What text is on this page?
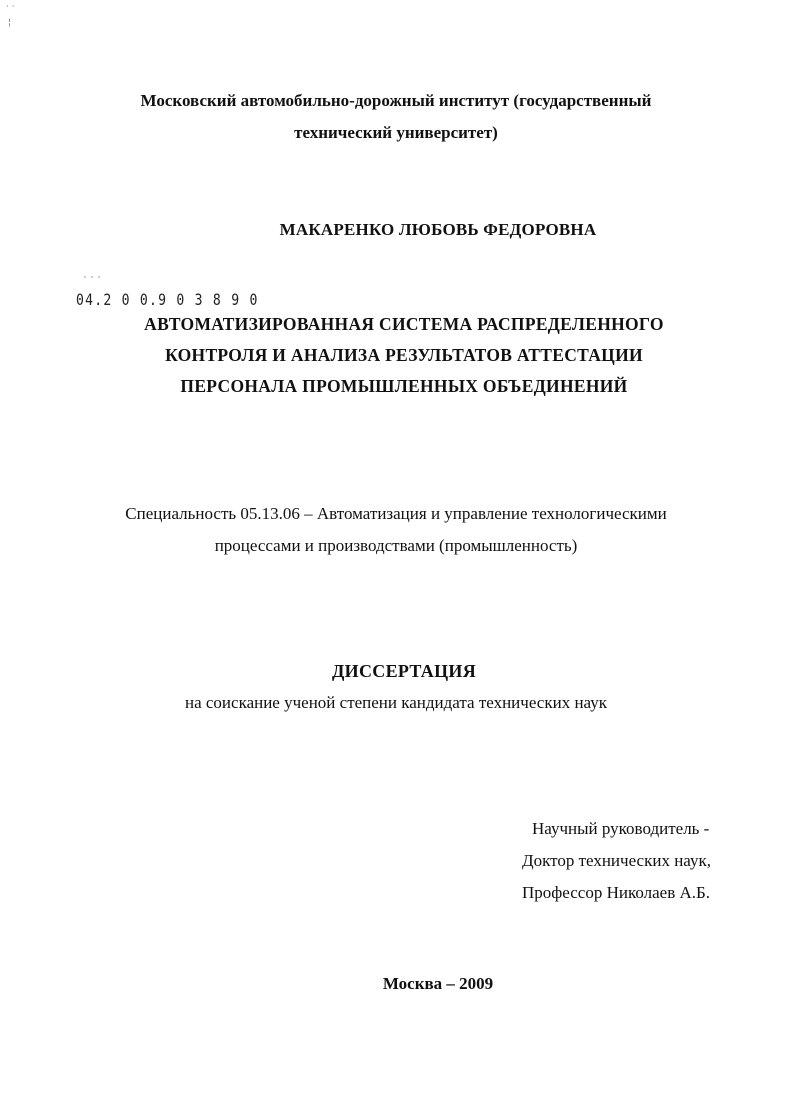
· ·
¦
Московский автомобильно-дорожный институт (государственный
технический университет)
МАКАРЕНКО ЛЮБОВЬ ФЕДОРОВНА
˙˙˙
04.2 0 0.9 0 3 8 9 0
АВТОМАТИЗИРОВАННАЯ СИСТЕМА РАСПРЕДЕЛЕННОГО
КОНТРОЛЯ И АНАЛИЗА РЕЗУЛЬТАТОВ АТТЕСТАЦИИ
ПЕРСОНАЛА ПРОМЫШЛЕННЫХ ОБЪЕДИНЕНИЙ
Специальность 05.13.06 – Автоматизация и управление технологическими
процессами и производствами (промышленность)
ДИССЕРТАЦИЯ
на соискание ученой степени кандидата технических наук
Научный руководитель -
Доктор технических наук,
Профессор Николаев А.Б.
Москва – 2009
